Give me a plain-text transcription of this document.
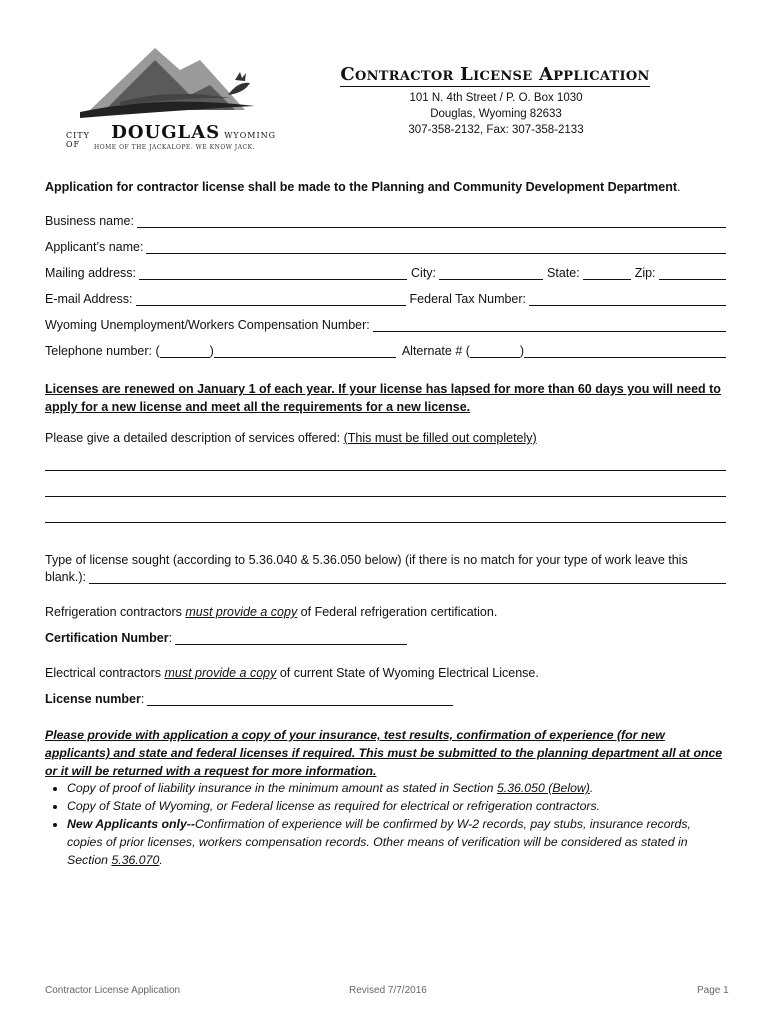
CITY OF
DOUGLAS WYOMING
HOME OF THE JACKALOPE. WE KNOW JACK.
Contractor License Application
101 N. 4th Street / P. O. Box 1030
Douglas, Wyoming 82633
307-358-2132, Fax: 307-358-2133
Application for contractor license shall be made to the Planning and Community Development Department.
Business name:
Applicant’s name:
Mailing address:	City:	State:	Zip:
E-mail Address:	Federal Tax Number:
Wyoming Unemployment/Workers Compensation Number:
Telephone number: (	)	Alternate # (	)
Licenses are renewed on January 1 of each year. If your license has lapsed for more than 60 days you will need to apply for a new license and meet all the requirements for a new license.
Please give a detailed description of services offered: (This must be filled out completely)
Type of license sought (according to 5.36.040 & 5.36.050 below) (if there is no match for your type of work leave this
blank.):
Refrigeration contractors must provide a copy of Federal refrigeration certification.
Certification Number :
Electrical contractors must provide a copy of current State of Wyoming Electrical License.
License number :
Please provide with application a copy of your insurance, test results, confirmation of experience (for new applicants) and state and federal licenses if required. This must be submitted to the planning department all at once or it will be returned with a request for more information.
• Copy of proof of liability insurance in the minimum amount as stated in Section 5.36.050 (Below).
• Copy of State of Wyoming, or Federal license as required for electrical or refrigeration contractors.
• New Applicants only--Confirmation of experience will be confirmed by W-2 records, pay stubs, insurance records, copies of prior licenses, workers compensation records. Other means of verification will be considered as stated in Section 5.36.070.
Contractor License Application	Revised 7/7/2016	Page 1
